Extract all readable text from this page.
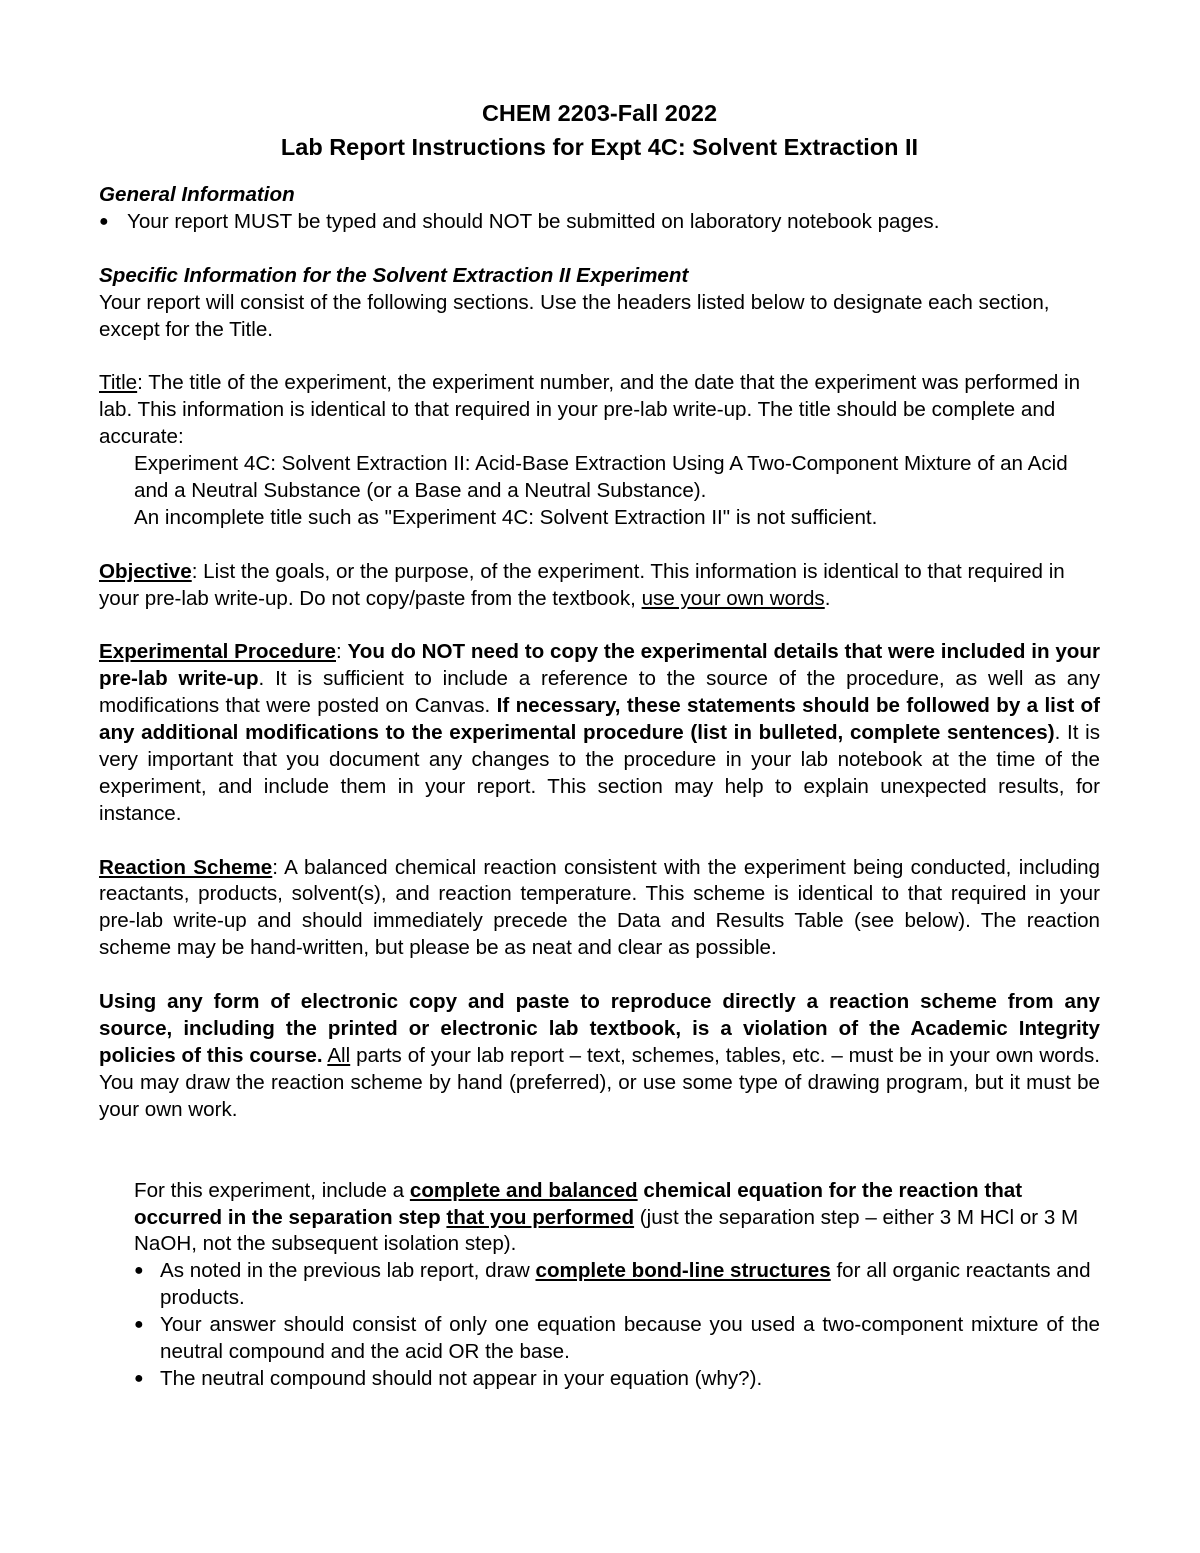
CHEM 2203-Fall 2022

Lab Report Instructions for Expt 4C: Solvent Extraction II

General Information

● Your report MUST be typed and should NOT be submitted on laboratory notebook pages.

Specific Information for the Solvent Extraction II Experiment

Your report will consist of the following sections. Use the headers listed below to designate each section, except for the Title.

Title: The title of the experiment, the experiment number, and the date that the experiment was performed in lab. This information is identical to that required in your pre-lab write-up. The title should be complete and accurate:

Experiment 4C: Solvent Extraction II: Acid-Base Extraction Using A Two-Component Mixture of an Acid and a Neutral Substance (or a Base and a Neutral Substance).

An incomplete title such as "Experiment 4C: Solvent Extraction II" is not sufficient.

Objective: List the goals, or the purpose, of the experiment. This information is identical to that required in your pre-lab write-up. Do not copy/paste from the textbook, use your own words.

Experimental Procedure: You do NOT need to copy the experimental details that were included in your pre-lab write-up. It is sufficient to include a reference to the source of the procedure, as well as any modifications that were posted on Canvas. If necessary, these statements should be followed by a list of any additional modifications to the experimental procedure (list in bulleted, complete sentences). It is very important that you document any changes to the procedure in your lab notebook at the time of the experiment, and include them in your report. This section may help to explain unexpected results, for instance.

Reaction Scheme: A balanced chemical reaction consistent with the experiment being conducted, including reactants, products, solvent(s), and reaction temperature. This scheme is identical to that required in your pre-lab write-up and should immediately precede the Data and Results Table (see below). The reaction scheme may be hand-written, but please be as neat and clear as possible.

Using any form of electronic copy and paste to reproduce directly a reaction scheme from any source, including the printed or electronic lab textbook, is a violation of the Academic Integrity policies of this course. All parts of your lab report – text, schemes, tables, etc. – must be in your own words. You may draw the reaction scheme by hand (preferred), or use some type of drawing program, but it must be your own work.

For this experiment, include a complete and balanced chemical equation for the reaction that occurred in the separation step that you performed (just the separation step – either 3 M HCl or 3 M NaOH, not the subsequent isolation step).

● As noted in the previous lab report, draw complete bond-line structures for all organic reactants and products.
● Your answer should consist of only one equation because you used a two-component mixture of the neutral compound and the acid OR the base.
● The neutral compound should not appear in your equation (why?).
